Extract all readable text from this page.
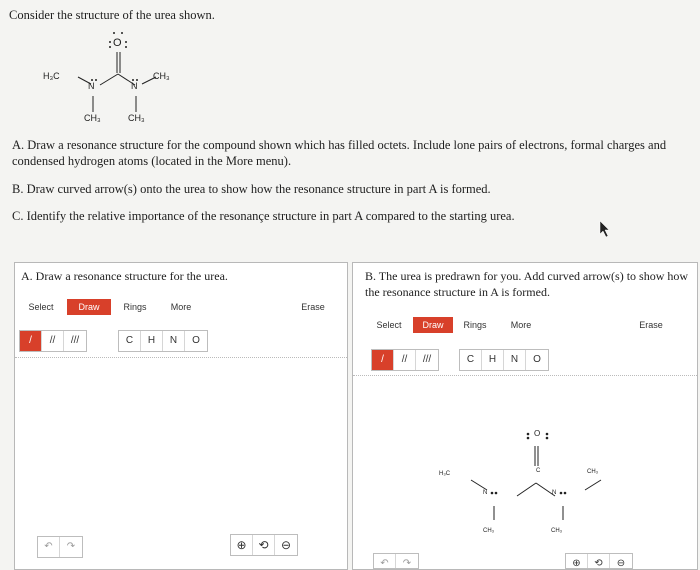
Consider the structure of the urea shown.
O
N	N
H₃C	CH₃
CH₃	CH₃
A. Draw a resonance structure for the compound shown which has filled octets. Include lone pairs of electrons, formal charges and condensed hydrogen atoms (located in the More menu).
B. Draw curved arrow(s) onto the urea to show how the resonance structure in part A is formed.
C. Identify the relative importance of the resonançe structure in part A compared to the starting urea.
A. Draw a resonance structure for the urea.
Select	Draw	Rings	More	Erase
/	//	///	C	H	N	O
↶	↷	⊕ ⟲	⊖
B. The urea is predrawn for you. Add curved arrow(s) to show how the resonance structure in A is formed.
Select	Draw	Rings	More	Erase
/	//	///	C	H	N	O
O
C
N	N
H₃C	CH₃
CH₃	CH₃
↶	↷	⊕	⟲	⊖
